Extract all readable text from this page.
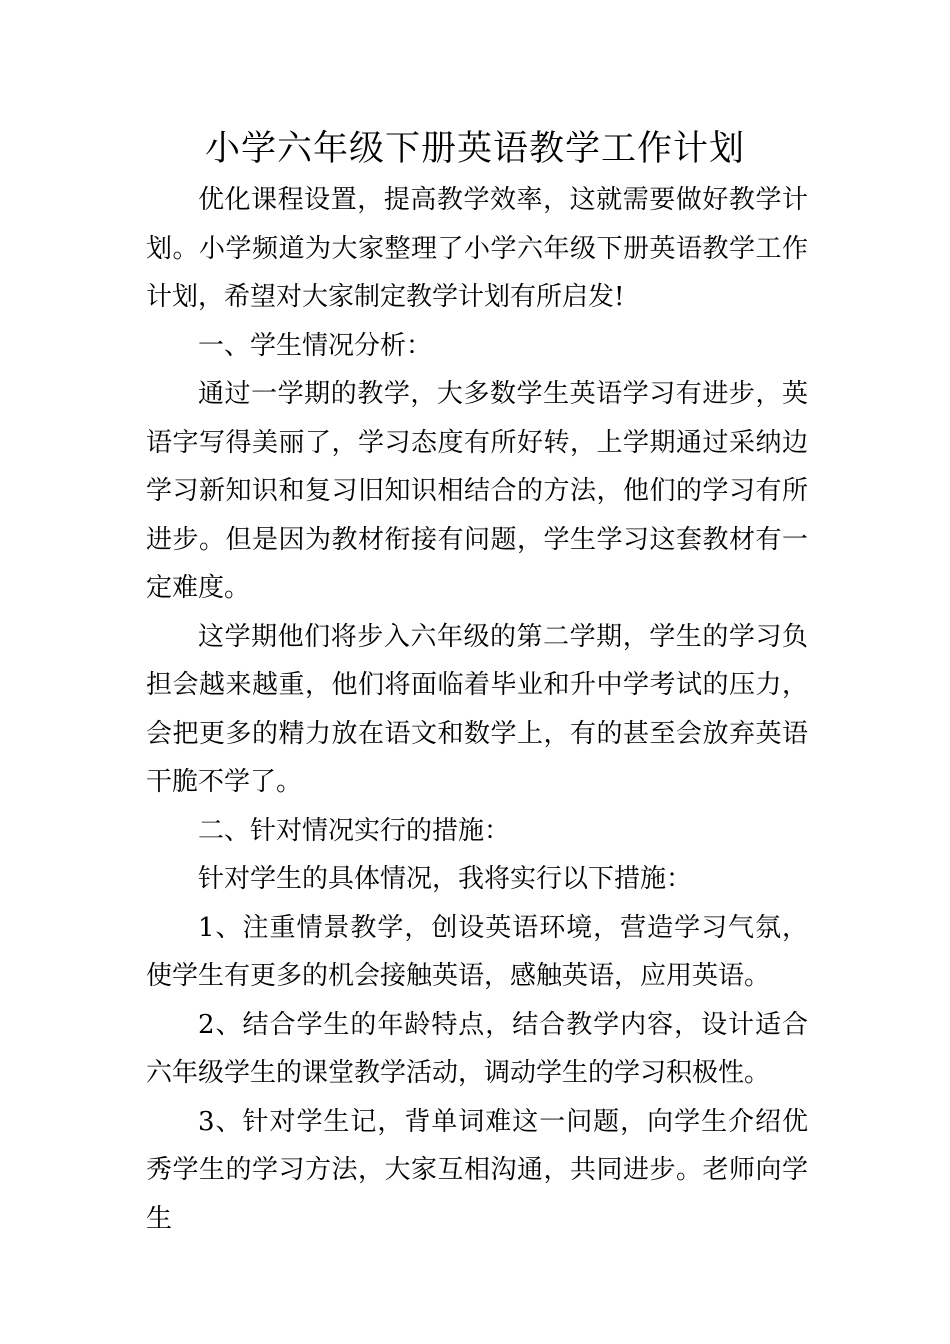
小学六年级下册英语教学工作计划

优化课程设置，提高教学效率，这就需要做好教学计划。小学频道为大家整理了小学六年级下册英语教学工作计划，希望对大家制定教学计划有所启发!

一、学生情况分析：

通过一学期的教学，大多数学生英语学习有进步，英语字写得美丽了，学习态度有所好转，上学期通过采纳边学习新知识和复习旧知识相结合的方法，他们的学习有所进步。但是因为教材衔接有问题，学生学习这套教材有一定难度。

这学期他们将步入六年级的第二学期，学生的学习负担会越来越重，他们将面临着毕业和升中学考试的压力，会把更多的精力放在语文和数学上，有的甚至会放弃英语干脆不学了。

二、针对情况实行的措施：

针对学生的具体情况，我将实行以下措施：

1、注重情景教学，创设英语环境，营造学习气氛，使学生有更多的机会接触英语，感触英语，应用英语。

2、结合学生的年龄特点，结合教学内容，设计适合六年级学生的课堂教学活动，调动学生的学习积极性。

3、针对学生记，背单词难这一问题，向学生介绍优秀学生的学习方法，大家互相沟通，共同进步。老师向学生
